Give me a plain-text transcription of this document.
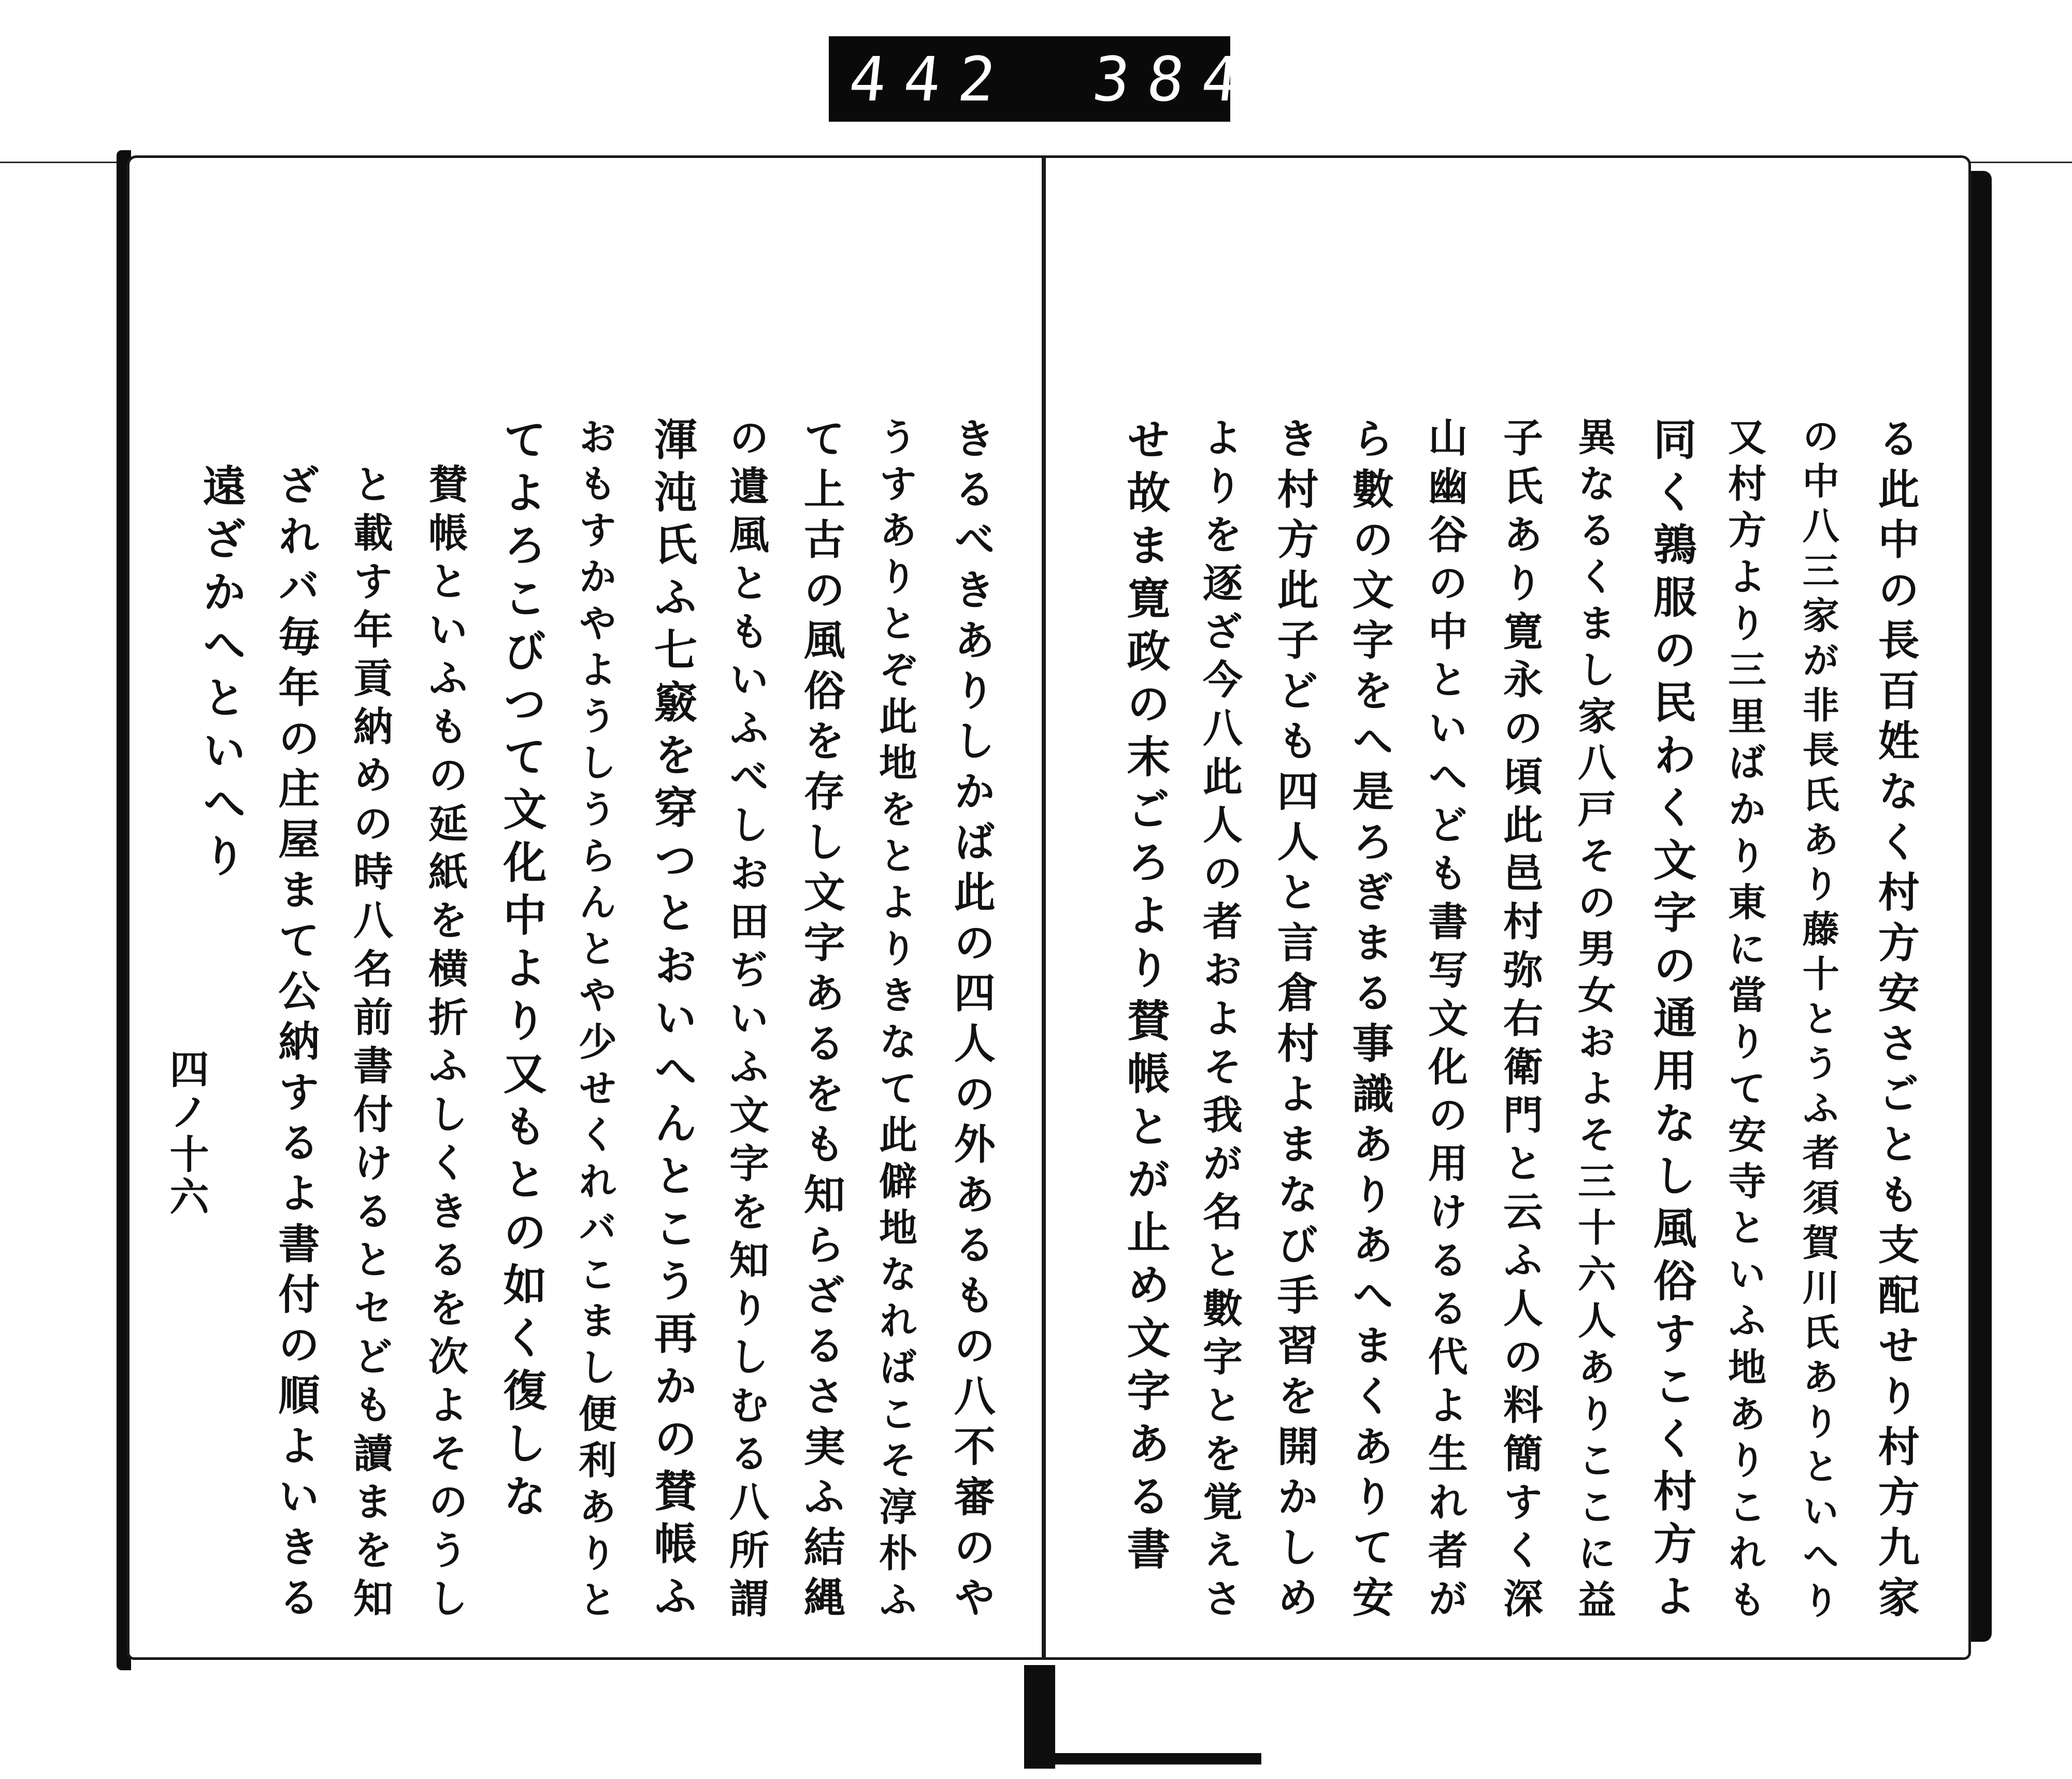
442 384
きるべきありしかば此の四人の外あるもの八不審のや
うすありとぞ此地をとよりきなて此僻地なればこそ淳朴ふ
て上古の風俗を存し文字あるをも知らざるさ実ふ結縄
の遺風ともいふべしお田ぢいふ文字を知りしむる八所謂
渾沌氏ふ七竅を穿つとおいへんとこう再かの賛帳ふ
おもすかやようしうらんとや少せくれバこまし便利ありと
てよろこびつて文化中より又もとの如く復しな
賛帳といふもの延紙を横折ふしくきるを次よそのうし
と載す年貢納めの時八名前書付けるとセども讀まを知
ざれバ毎年の庄屋まて公納するよ書付の順よいきる
遠ざかへといへり
四ノ十六	る此中の長百姓なく村方安さごとも支配せり村方九家
の中八三家が非長氏あり藤十とうふ者須賀川氏ありといへり
又村方より三里ばかり東に當りて安寺といふ地ありこれも
同く鶉服の民わく文字の通用なし風俗すこく村方よ
異なるくまし家八戸その男女およそ三十六人ありここに益
子氏あり寛永の頃此邑村弥右衛門と云ふ人の料簡すく深
山幽谷の中といへども書写文化の用けるる代よ生れ者が
ら數の文字をへ是ろぎまる事識ありあへまくありて安
き村方此子ども四人と言倉村よまなび手習を開かしめ
よりを逐ざ今八此人の者およそ我が名と數字とを覚えさ
せ故ま寛政の末ごろより賛帳とが止め文字ある書
